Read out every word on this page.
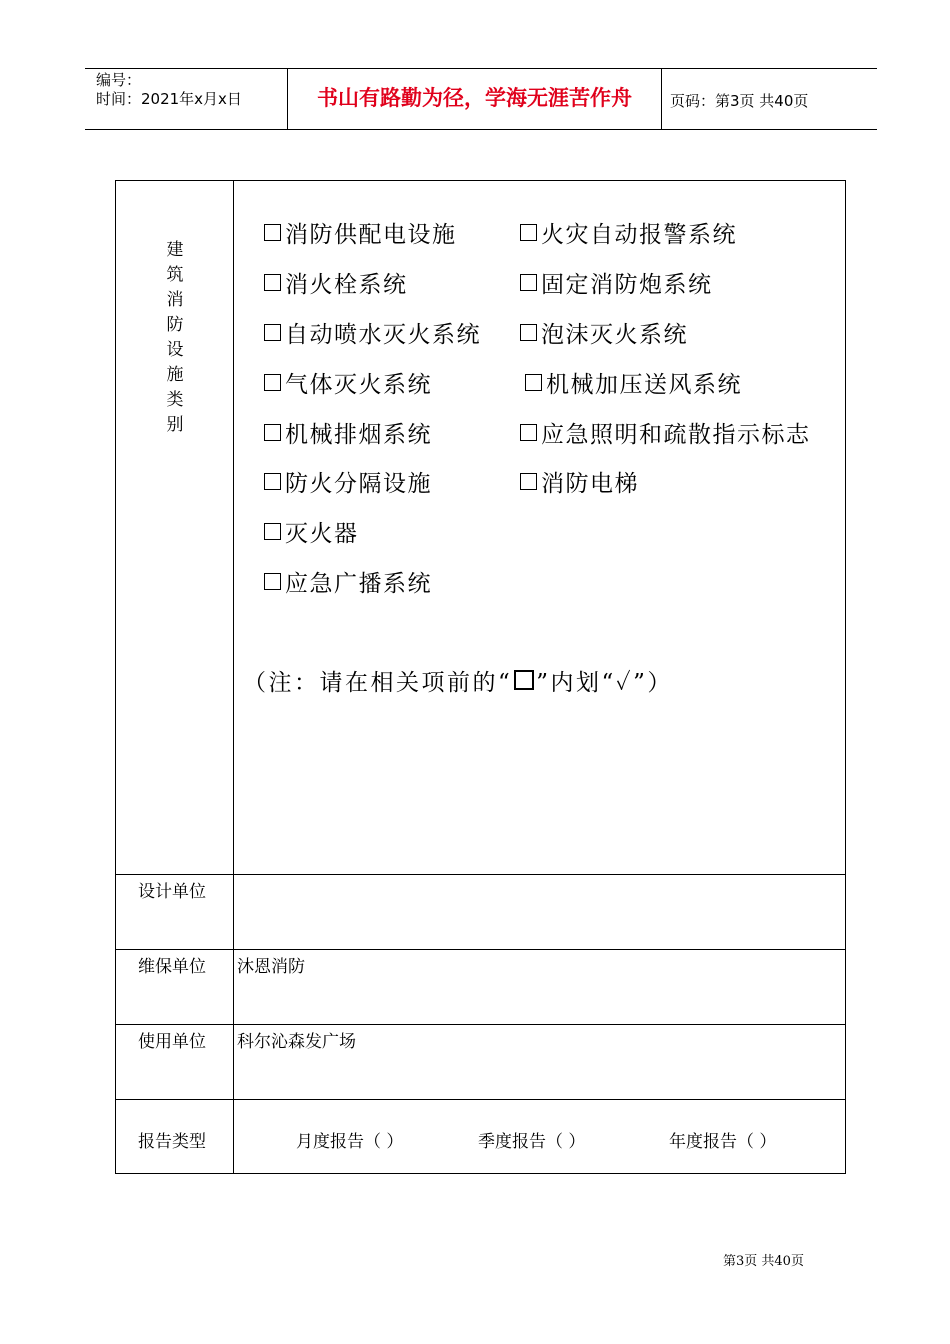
编号：
时间：2021年x月x日	书山有路勤为径，学海无涯苦作舟	页码：第3页 共40页
建
筑
消
防
设
施
类
别
消防供配电设施
消火栓系统
自动喷水灭火系统
气体灭火系统
机械排烟系统
防火分隔设施
灭火器
应急广播系统
火灾自动报警系统
固定消防炮系统
泡沫灭火系统
机械加压送风系统
应急照明和疏散指示标志
消防电梯
（注：请在相关项前的“ ”内划“✓”）
设计单位
维保单位 沐恩消防
使用单位 科尔沁森发广场
报告类型	月度报告（ ）	季度报告（ ）	年度报告（ ）
第3页 共40页
